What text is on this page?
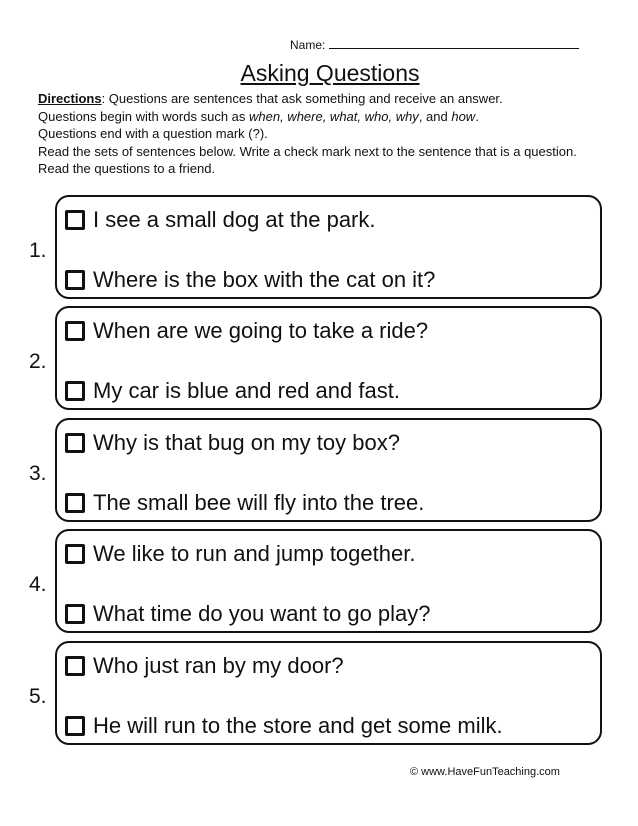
Name:
Asking Questions
Directions: Questions are sentences that ask something and receive an answer.
Questions begin with words such as when, where, what, who, why, and how.
Questions end with a question mark (?).
Read the sets of sentences below. Write a check mark next to the sentence that is a question. Read the questions to a friend.
1.
I see a small dog at the park.
Where is the box with the cat on it?
2.
When are we going to take a ride?
My car is blue and red and fast.
3.
Why is that bug on my toy box?
The small bee will fly into the tree.
4.
We like to run and jump together.
What time do you want to go play?
5.
Who just ran by my door?
He will run to the store and get some milk.
© www.HaveFunTeaching.com
